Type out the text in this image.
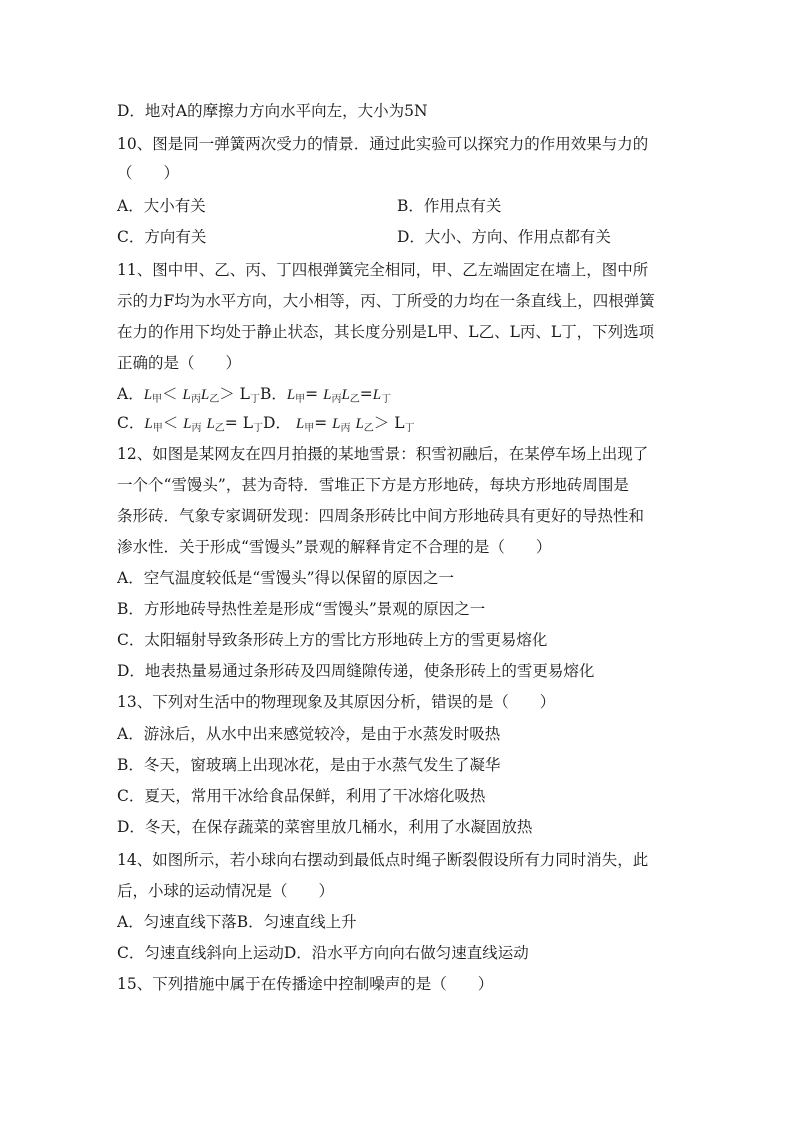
D．地对A的摩擦力方向水平向左，大小为5N
10、图是同一弹簧两次受力的情景．通过此实验可以探究力的作用效果与力的
（　　）
A．大小有关	B．作用点有关
C．方向有关	D．大小、方向、作用点都有关
11、图中甲、乙、丙、丁四根弹簧完全相同，甲、乙左端固定在墙上，图中所
示的力F均为水平方向，大小相等，丙、丁所受的力均在一条直线上，四根弹簧
在力的作用下均处于静止状态，其长度分别是L甲、L乙、L丙、L丁，下列选项
正确的是（　　）
A．$L_甲< L_丙L_乙> L_丁B$．$L_甲= L_丙L_乙=L_丁$
C．$L_甲< L_丙$ $L_乙= L_丁D$． $L_甲= L_丙$ $L_乙> L_丁$
12、如图是某网友在四月拍摄的某地雪景：积雪初融后，在某停车场上出现了
一个个“雪馒头”，甚为奇特．雪堆正下方是方形地砖，每块方形地砖周围是
条形砖．气象专家调研发现：四周条形砖比中间方形地砖具有更好的导热性和
渗水性．关于形成“雪馒头”景观的解释肯定不合理的是（　　）
A．空气温度较低是“雪馒头”得以保留的原因之一
B．方形地砖导热性差是形成“雪馒头”景观的原因之一
C．太阳辐射导致条形砖上方的雪比方形地砖上方的雪更易熔化
D．地表热量易通过条形砖及四周缝隙传递，使条形砖上的雪更易熔化
13、下列对生活中的物理现象及其原因分析，错误的是（　　）
A．游泳后，从水中出来感觉较冷，是由于水蒸发时吸热
B．冬天，窗玻璃上出现冰花，是由于水蒸气发生了凝华
C．夏天，常用干冰给食品保鲜，利用了干冰熔化吸热
D．冬天，在保存蔬菜的菜窖里放几桶水，利用了水凝固放热
14、如图所示，若小球向右摆动到最低点时绳子断裂假设所有力同时消失，此
后，小球的运动情况是（　　）
A．匀速直线下落B．匀速直线上升
C．匀速直线斜向上运动D．沿水平方向向右做匀速直线运动
15、下列措施中属于在传播途中控制噪声的是（　　）
